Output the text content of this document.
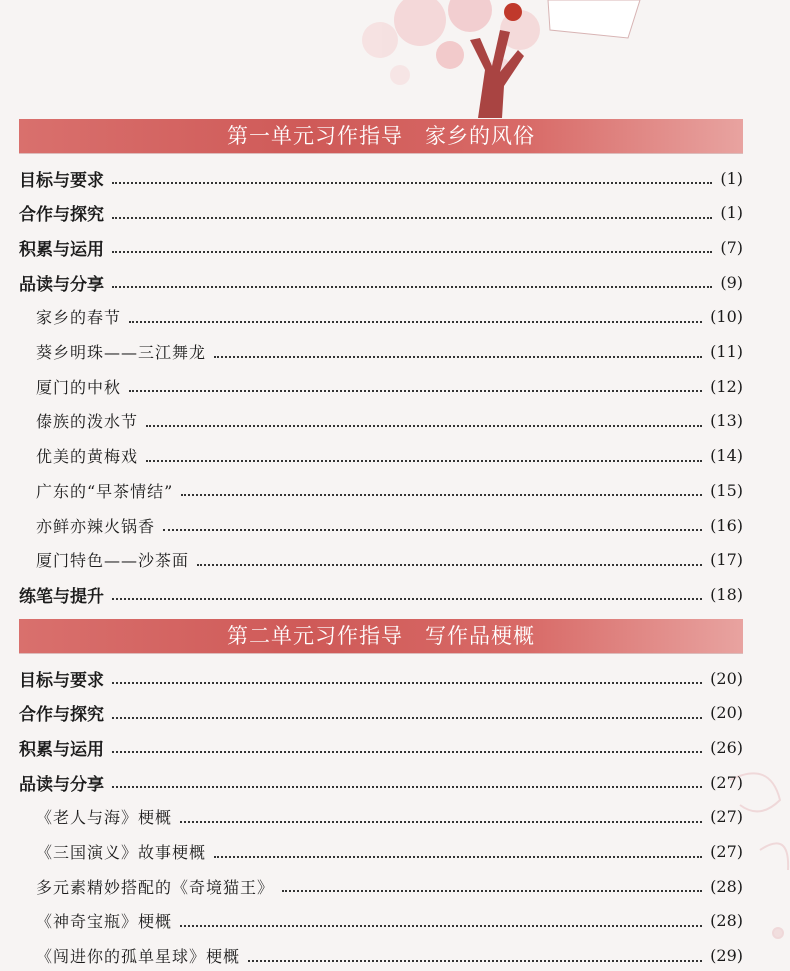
第一单元习作指导　家乡的风俗
目标与要求	(1)
合作与探究	(1)
积累与运用	(7)
品读与分享	(9)
家乡的春节	(10)
葵乡明珠——三江舞龙	(11)
厦门的中秋	(12)
傣族的泼水节	(13)
优美的黄梅戏	(14)
广东的“早茶情结”	(15)
亦鲜亦辣火锅香	(16)
厦门特色——沙茶面	(17)
练笔与提升	(18)
第二单元习作指导　写作品梗概
目标与要求	(20)
合作与探究	(20)
积累与运用	(26)
品读与分享	(27)
《老人与海》梗概	(27)
《三国演义》故事梗概	(27)
多元素精妙搭配的《奇境猫王》	(28)
《神奇宝瓶》梗概	(28)
《闯进你的孤单星球》梗概	(29)
